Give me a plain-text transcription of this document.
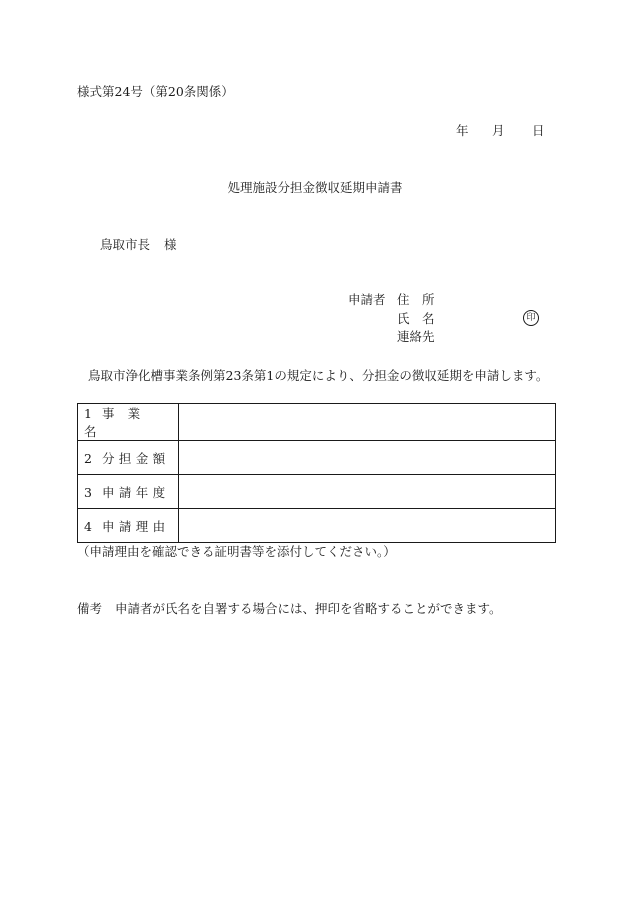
様式第24号（第20条関係）
年 月 日
処理施設分担金徴収延期申請書
鳥取市長 様
申請者 住　所
氏　名	印
連絡先
鳥取市浄化槽事業条例第23条第1の規定により、分担金の徴収延期を申請します。
1 事業名	
2 分担金額	
3 申請年度	
4 申請理由	
（申請理由を確認できる証明書等を添付してください。）
備考 申請者が氏名を自署する場合には、押印を省略することができます。
